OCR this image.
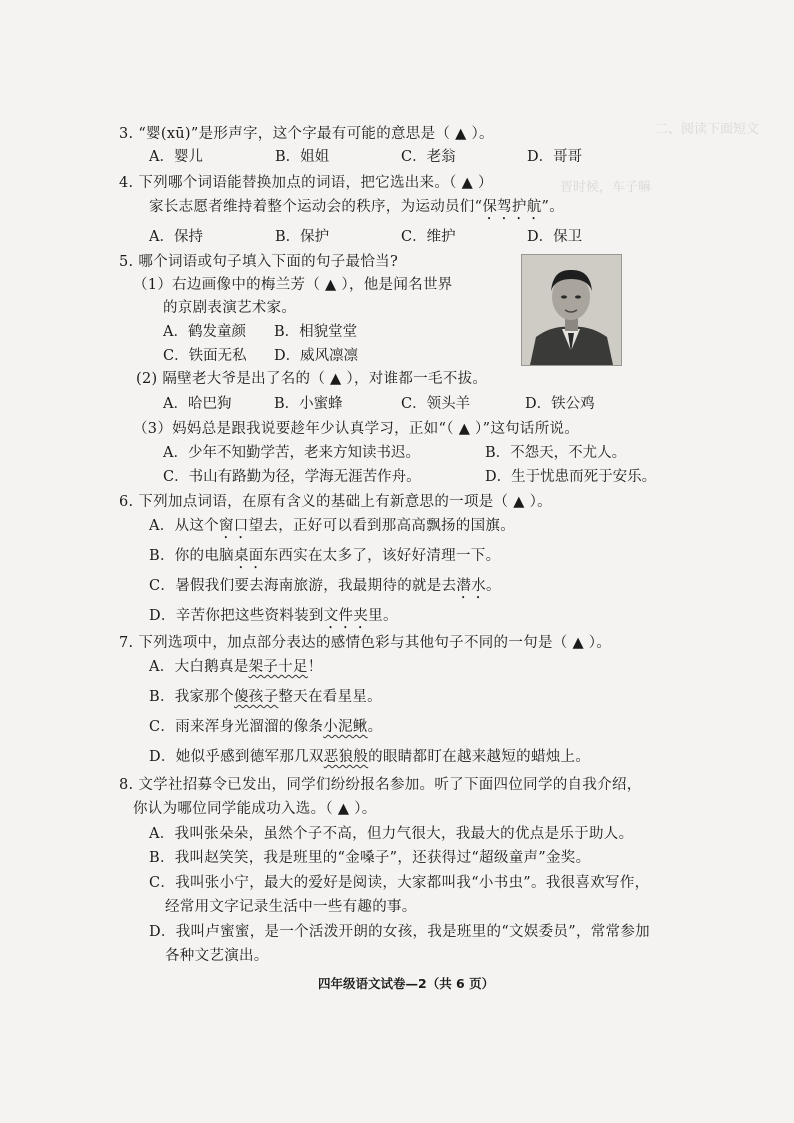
二、阅读下面短文
晋时候，车子嘛
3. “婴(xū)”是形声字，这个字最有可能的意思是（ ▲ ）。
A．婴儿	B．姐姐	C．老翁	D．哥哥
4. 下列哪个词语能替换加点的词语，把它选出来。（ ▲ ）
家长志愿者维持着整个运动会的秩序，为运动员们“保驾护航”。
A．保持	B．保护	C．维护	D．保卫
5. 哪个词语或句子填入下面的句子最恰当?
（1）右边画像中的梅兰芳（ ▲ ），他是闻名世界
的京剧表演艺术家。
A．鹤发童颜 B．相貌堂堂
C．铁面无私 D．威风凛凛
(2) 隔壁老大爷是出了名的（ ▲ ），对谁都一毛不拔。
A．哈巴狗	B．小蜜蜂	C．领头羊	D．铁公鸡
（3）妈妈总是跟我说要趁年少认真学习，正如“（ ▲ ）”这句话所说。
A．少年不知勤学苦，老来方知读书迟。	B．不怨天，不尤人。
C．书山有路勤为径，学海无涯苦作舟。	D．生于忧患而死于安乐。
6. 下列加点词语，在原有含义的基础上有新意思的一项是（ ▲ ）。
A．从这个窗口望去，正好可以看到那高高飘扬的国旗。
B．你的电脑桌面东西实在太多了，该好好清理一下。
C．暑假我们要去海南旅游，我最期待的就是去潜水。
D．辛苦你把这些资料装到文件夹里。
7. 下列选项中，加点部分表达的感情色彩与其他句子不同的一句是（ ▲ ）。
A．大白鹅真是架子十足！
B．我家那个傻孩子整天在看星星。
C．雨来浑身光溜溜的像条小泥鳅。
D．她似乎感到德军那几双恶狼般的眼睛都盯在越来越短的蜡烛上。
8. 文学社招募令已发出，同学们纷纷报名参加。听了下面四位同学的自我介绍，
你认为哪位同学能成功入选。（ ▲ ）。
A．我叫张朵朵，虽然个子不高，但力气很大，我最大的优点是乐于助人。
B．我叫赵笑笑，我是班里的“金嗓子”，还获得过“超级童声”金奖。
C．我叫张小宁，最大的爱好是阅读，大家都叫我“小书虫”。我很喜欢写作，
经常用文字记录生活中一些有趣的事。
D．我叫卢蜜蜜，是一个活泼开朗的女孩，我是班里的“文娱委员”，常常参加
各种文艺演出。
四年级语文试卷—2（共 6 页）
